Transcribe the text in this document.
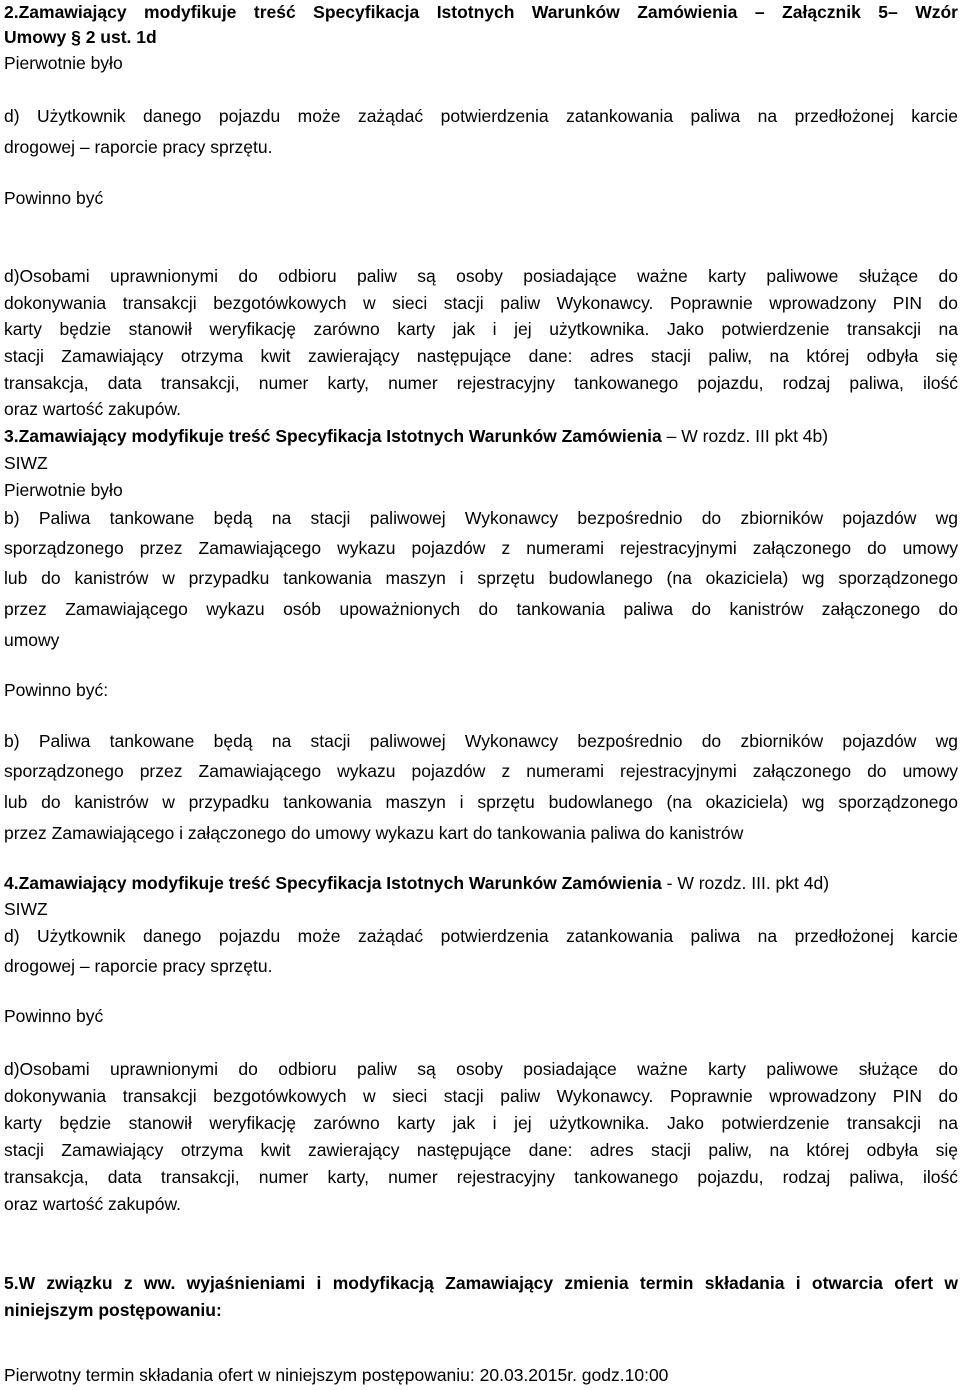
2.Zamawiający modyfikuje treść Specyfikacja Istotnych Warunków Zamówienia – Załącznik 5– Wzór
Umowy § 2 ust. 1d
Pierwotnie było
d) Użytkownik danego pojazdu może zażądać potwierdzenia zatankowania paliwa na przedłożonej karcie
drogowej – raporcie pracy sprzętu.
Powinno być
d)Osobami uprawnionymi do odbioru paliw są osoby posiadające ważne karty paliwowe służące do
dokonywania transakcji bezgotówkowych w sieci stacji paliw Wykonawcy. Poprawnie wprowadzony PIN do
karty będzie stanowił weryfikację zarówno karty jak i jej użytkownika. Jako potwierdzenie transakcji na
stacji Zamawiający otrzyma kwit zawierający następujące dane: adres stacji paliw, na której odbyła się
transakcja, data transakcji, numer karty, numer rejestracyjny tankowanego pojazdu, rodzaj paliwa, ilość
oraz wartość zakupów.
3.Zamawiający modyfikuje treść Specyfikacja Istotnych Warunków Zamówienia – W rozdz. III pkt 4b)
SIWZ
Pierwotnie było
b) Paliwa tankowane będą na stacji paliwowej Wykonawcy bezpośrednio do zbiorników pojazdów wg
sporządzonego przez Zamawiającego wykazu pojazdów z numerami rejestracyjnymi załączonego do umowy
lub do kanistrów w przypadku tankowania maszyn i sprzętu budowlanego (na okaziciela) wg sporządzonego
przez Zamawiającego wykazu osób upoważnionych do tankowania paliwa do kanistrów załączonego do
umowy
Powinno być:
b) Paliwa tankowane będą na stacji paliwowej Wykonawcy bezpośrednio do zbiorników pojazdów wg
sporządzonego przez Zamawiającego wykazu pojazdów z numerami rejestracyjnymi załączonego do umowy
lub do kanistrów w przypadku tankowania maszyn i sprzętu budowlanego (na okaziciela) wg sporządzonego
przez Zamawiającego i załączonego do umowy wykazu kart do tankowania paliwa do kanistrów
4.Zamawiający modyfikuje treść Specyfikacja Istotnych Warunków Zamówienia - W rozdz. III. pkt 4d)
SIWZ
d) Użytkownik danego pojazdu może zażądać potwierdzenia zatankowania paliwa na przedłożonej karcie
drogowej – raporcie pracy sprzętu.
Powinno być
d)Osobami uprawnionymi do odbioru paliw są osoby posiadające ważne karty paliwowe służące do
dokonywania transakcji bezgotówkowych w sieci stacji paliw Wykonawcy. Poprawnie wprowadzony PIN do
karty będzie stanowił weryfikację zarówno karty jak i jej użytkownika. Jako potwierdzenie transakcji na
stacji Zamawiający otrzyma kwit zawierający następujące dane: adres stacji paliw, na której odbyła się
transakcja, data transakcji, numer karty, numer rejestracyjny tankowanego pojazdu, rodzaj paliwa, ilość
oraz wartość zakupów.
5.W związku z ww. wyjaśnieniami i modyfikacją Zamawiający zmienia termin składania i otwarcia ofert w
niniejszym postępowaniu:
Pierwotny termin składania ofert w niniejszym postępowaniu: 20.03.2015r. godz.10:00
